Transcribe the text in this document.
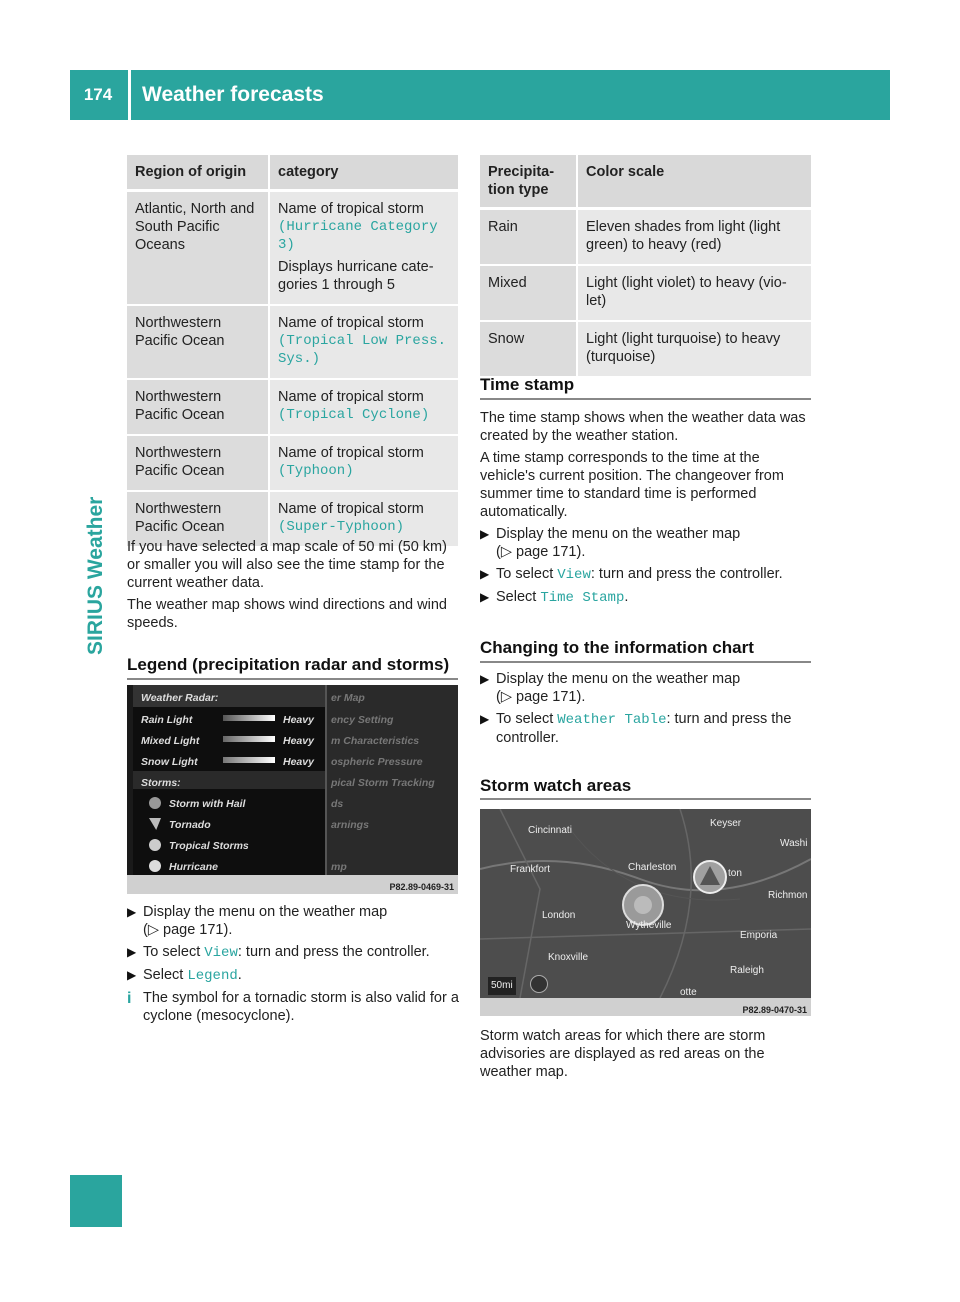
174	Weather forecasts
SIRIUS Weather
Region of origin	category
Atlantic, North and South Pacific Oceans	Name of tropical storm
(Hurricane Category 3)
Displays hurricane cate-gories 1 through 5

Northwestern Pacific Ocean	Name of tropical storm
(Tropical Low Press. Sys.)

Northwestern Pacific Ocean	Name of tropical storm
(Tropical Cyclone)

Northwestern Pacific Ocean	Name of tropical storm
(Typhoon)

Northwestern Pacific Ocean	Name of tropical storm
(Super-Typhoon)

If you have selected a map scale of 50 mi (50 km) or smaller you will also see the time stamp for the current weather data.

The weather map shows wind directions and wind speeds.

Legend (precipitation radar and storms)
Weather Radar:
Rain Light
Mixed Light
Snow Light
Storms:
Storm with Hail
Tornado
Tropical Storms
Hurricane
Heavy
Heavy
Heavy
er Map
ency Setting
m Characteristics
ospheric Pressure
pical Storm Tracking
ds
arnings
mp
P82.89-0469-31
▶ Display the menu on the weather map
(▷ page 171).
▶ To select View: turn and press the controller.
▶ Select Legend.
i The symbol for a tornadic storm is also valid for a cyclone (mesocyclone).
Precipita-tion type	Color scale
Rain	Eleven shades from light (light green) to heavy (red)
Mixed	Light (light violet) to heavy (vio-let)
Snow	Light (light turquoise) to heavy (turquoise)
Time stamp

The time stamp shows when the weather data was created by the weather station.

A time stamp corresponds to the time at the vehicle's current position. The changeover from summer time to standard time is performed automatically.

▶ Display the menu on the weather map
(▷ page 171).
▶ To select View: turn and press the controller.
▶ Select Time Stamp.
Changing to the information chart
▶ Display the menu on the weather map
(▷ page 171).
▶ To select Weather Table: turn and press the controller.
Storm watch areas
Cincinnati
Keyser
Washi
Frankfort	Charleston
ton
Richmon
London
Wytheville
Emporia
Knoxville
Raleigh
50mi
otte
P82.89-0470-31

Storm watch areas for which there are storm advisories are displayed as red areas on the weather map.
